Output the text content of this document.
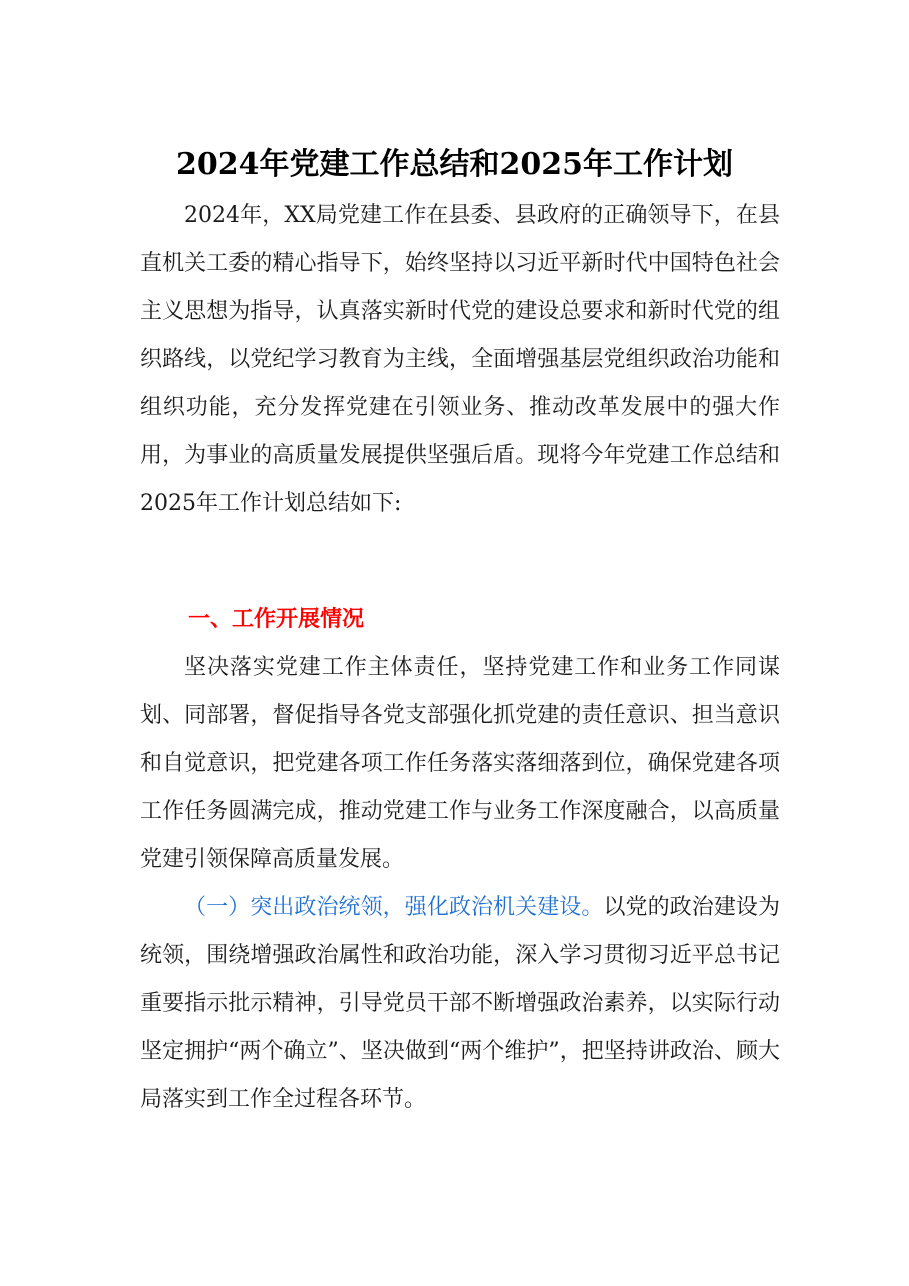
2024年党建工作总结和2025年工作计划

2024年，XX局党建工作在县委、县政府的正确领导下，在县直机关工委的精心指导下，始终坚持以习近平新时代中国特色社会主义思想为指导，认真落实新时代党的建设总要求和新时代党的组织路线，以党纪学习教育为主线，全面增强基层党组织政治功能和组织功能，充分发挥党建在引领业务、推动改革发展中的强大作用，为事业的高质量发展提供坚强后盾。现将今年党建工作总结和2025年工作计划总结如下:

一、工作开展情况

坚决落实党建工作主体责任，坚持党建工作和业务工作同谋划、同部署，督促指导各党支部强化抓党建的责任意识、担当意识和自觉意识，把党建各项工作任务落实落细落到位，确保党建各项工作任务圆满完成，推动党建工作与业务工作深度融合，以高质量党建引领保障高质量发展。

（一）突出政治统领，强化政治机关建设。以党的政治建设为统领，围绕增强政治属性和政治功能，深入学习贯彻习近平总书记重要指示批示精神，引导党员干部不断增强政治素养，以实际行动坚定拥护“两个确立”、坚决做到“两个维护”，把坚持讲政治、顾大局落实到工作全过程各环节。
